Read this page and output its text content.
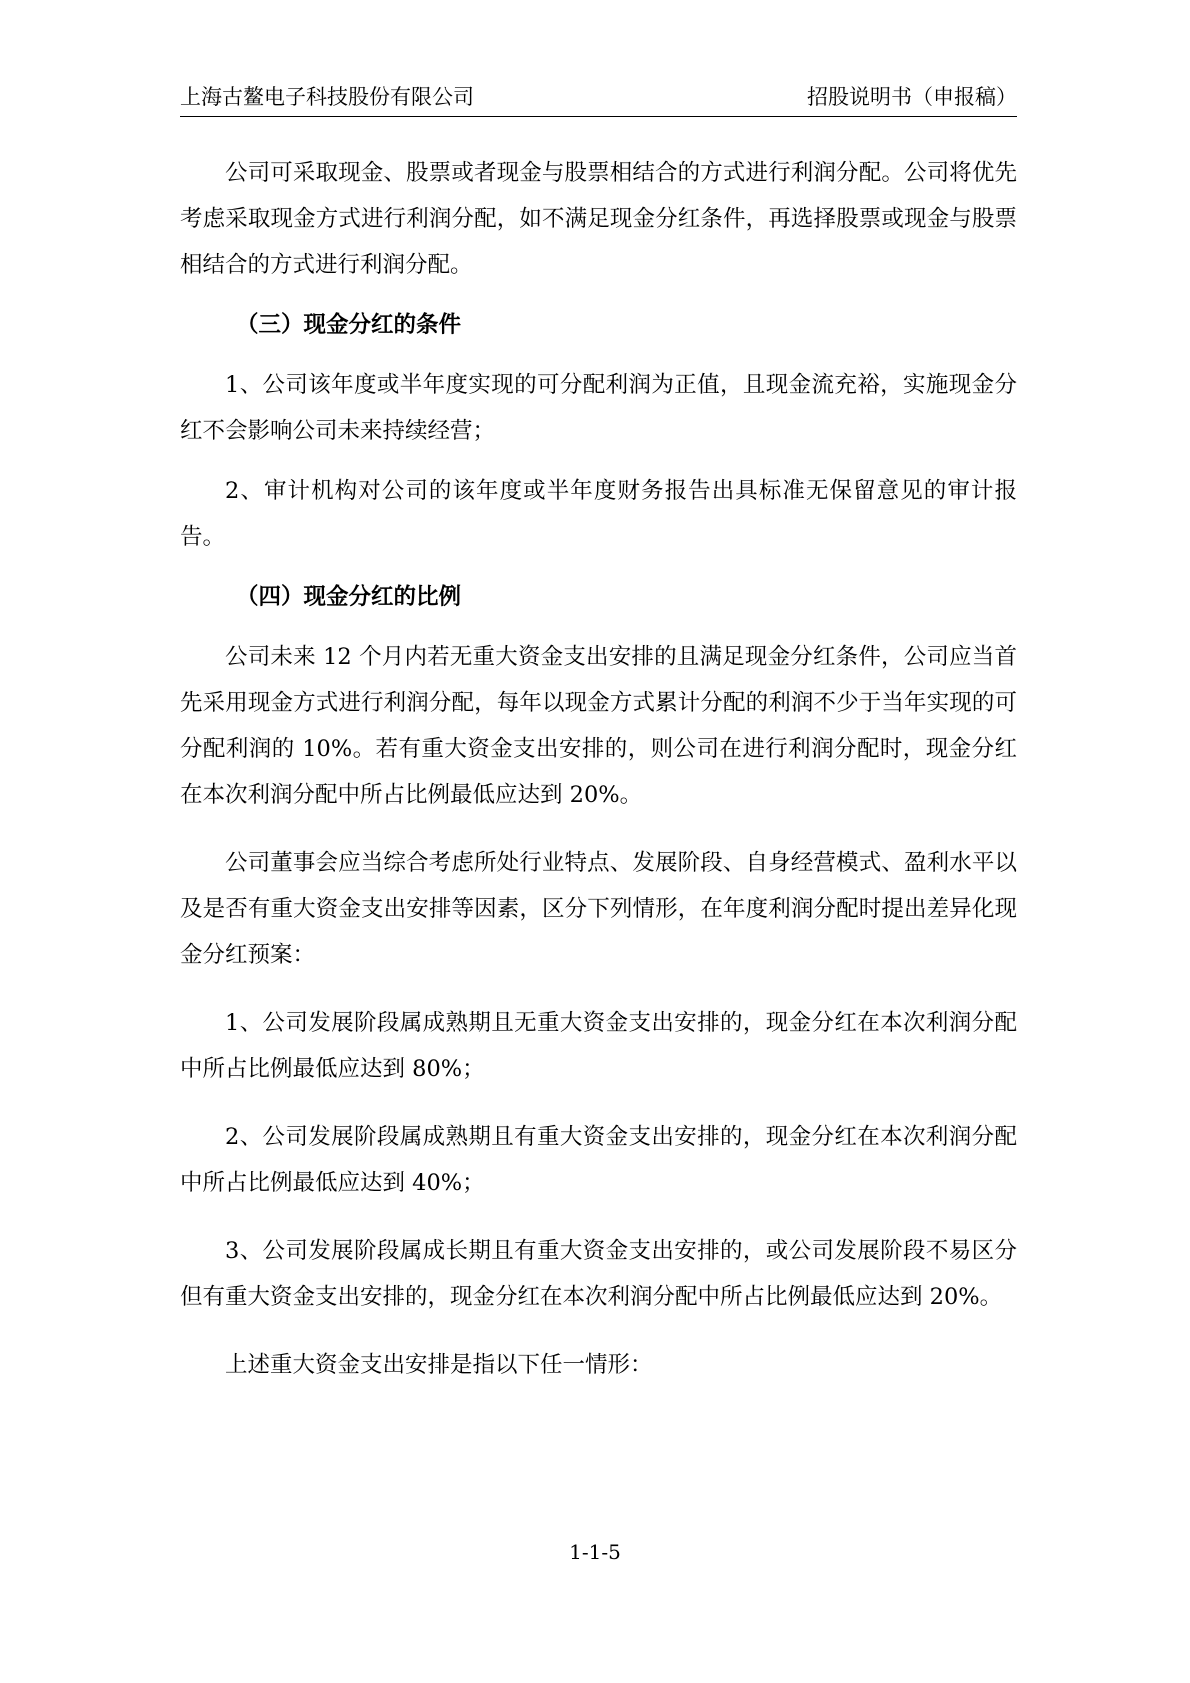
上海古鳌电子科技股份有限公司	招股说明书（申报稿）

公司可采取现金、股票或者现金与股票相结合的方式进行利润分配。公司将优先考虑采取现金方式进行利润分配，如不满足现金分红条件，再选择股票或现金与股票相结合的方式进行利润分配。

（三）现金分红的条件

1、公司该年度或半年度实现的可分配利润为正值，且现金流充裕，实施现金分红不会影响公司未来持续经营；

2、审计机构对公司的该年度或半年度财务报告出具标准无保留意见的审计报告。

（四）现金分红的比例

公司未来 12 个月内若无重大资金支出安排的且满足现金分红条件，公司应当首先采用现金方式进行利润分配，每年以现金方式累计分配的利润不少于当年实现的可分配利润的 10%。若有重大资金支出安排的，则公司在进行利润分配时，现金分红在本次利润分配中所占比例最低应达到 20%。

公司董事会应当综合考虑所处行业特点、发展阶段、自身经营模式、盈利水平以及是否有重大资金支出安排等因素，区分下列情形，在年度利润分配时提出差异化现金分红预案：

1、公司发展阶段属成熟期且无重大资金支出安排的，现金分红在本次利润分配中所占比例最低应达到 80%；

2、公司发展阶段属成熟期且有重大资金支出安排的，现金分红在本次利润分配中所占比例最低应达到 40%；

3、公司发展阶段属成长期且有重大资金支出安排的，或公司发展阶段不易区分但有重大资金支出安排的，现金分红在本次利润分配中所占比例最低应达到 20%。

上述重大资金支出安排是指以下任一情形：

1-1-5
